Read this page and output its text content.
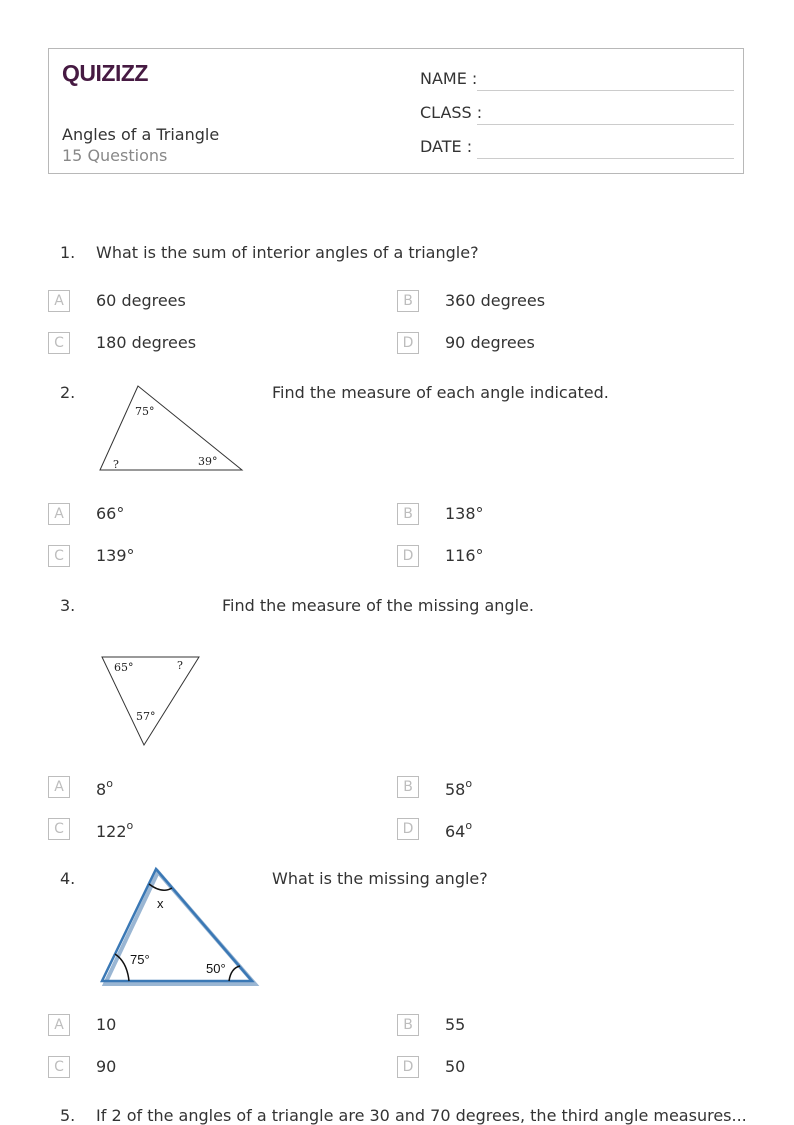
QUIZIZZ
Angles of a Triangle
15 Questions
NAME :
CLASS :
DATE :
1. What is the sum of interior angles of a triangle?
A	60 degrees	B	360 degrees
C	180 degrees	D	90 degrees
2.
75°
?	39°
Find the measure of each angle indicated.
A	66°	B	138°
C	139°	D	116°
3.	Find the measure of the missing angle.
65°	?
57°
A	8$^o$	B	58$^o$
C	122$^o$	D	64$^o$
4.
x
75°
50°
What is the missing angle?
A	10	B	55
C	90	D	50
5. If 2 of the angles of a triangle are 30 and 70 degrees, the third angle measures...
